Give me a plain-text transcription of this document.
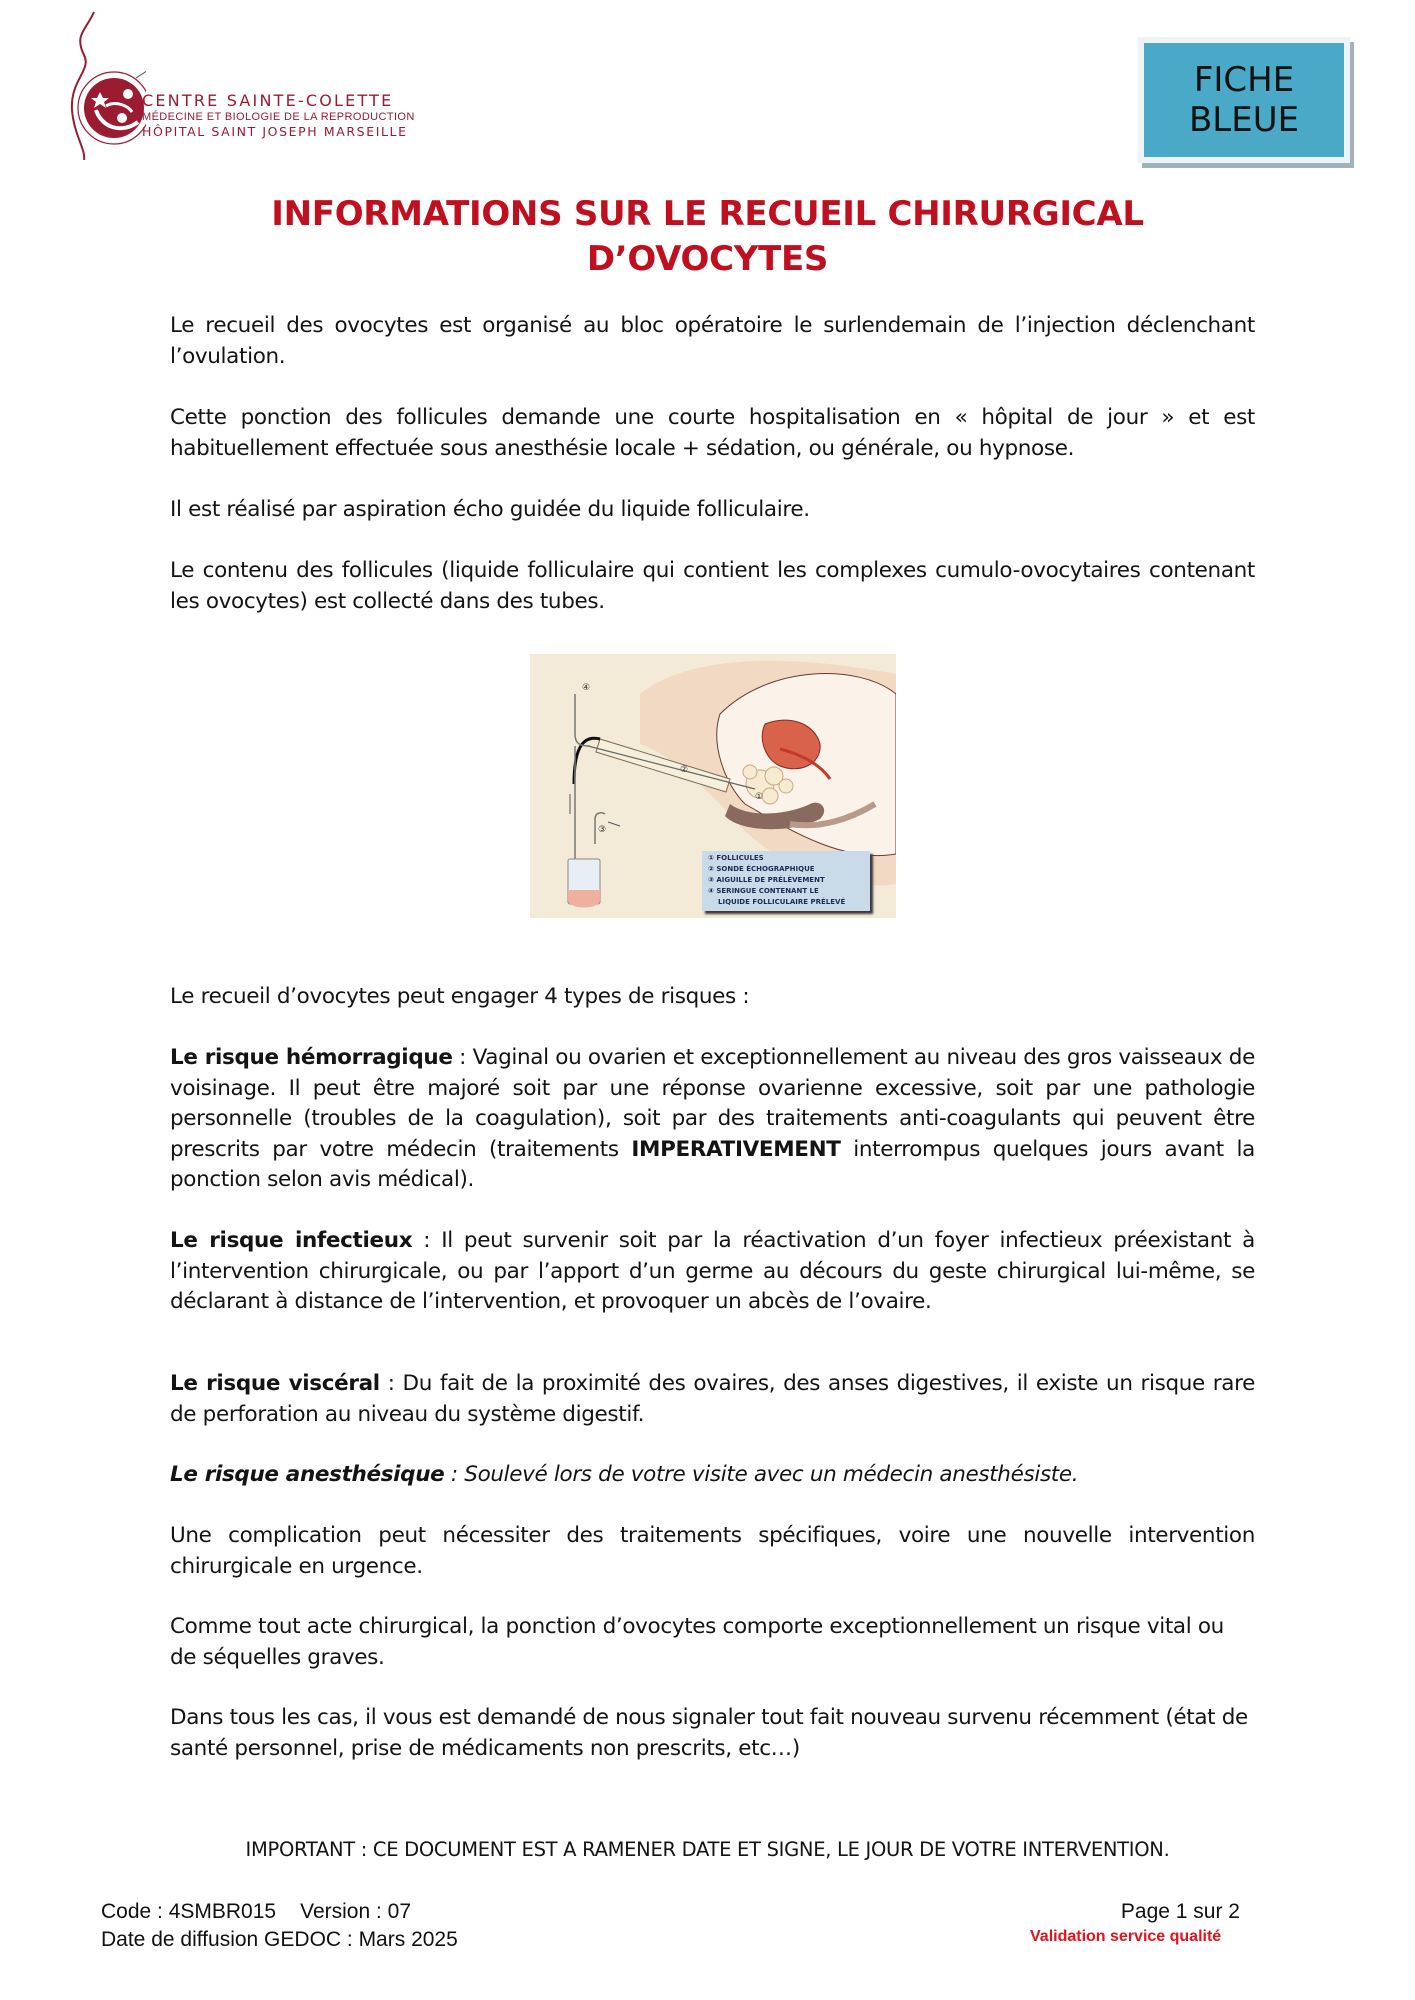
CENTRE SAINTE-COLETTE
MÉDECINE ET BIOLOGIE DE LA REPRODUCTION
HÔPITAL SAINT JOSEPH MARSEILLE
FICHE
BLEUE
INFORMATIONS SUR LE RECUEIL CHIRURGICAL
D’OVOCYTES

Le recueil des ovocytes est organisé au bloc opératoire le surlendemain de l’injection déclenchant l’ovulation.

Cette ponction des follicules demande une courte hospitalisation en « hôpital de jour » et est habituellement effectuée sous anesthésie locale + sédation, ou générale, ou hypnose.

Il est réalisé par aspiration écho guidée du liquide folliculaire.

Le contenu des follicules (liquide folliculaire qui contient les complexes cumulo-ovocytaires contenant les ovocytes) est collecté dans des tubes.

④
②
①
③
① FOLLICULES
② SONDE ÉCHOGRAPHIQUE
③ AIGUILLE DE PRÉLÈVEMENT
④ SERINGUE CONTENANT LE
LIQUIDE FOLLICULAIRE PRÉLEVÉ

Le recueil d’ovocytes peut engager 4 types de risques :

Le risque hémorragique : Vaginal ou ovarien et exceptionnellement au niveau des gros vaisseaux de voisinage. Il peut être majoré soit par une réponse ovarienne excessive, soit par une pathologie personnelle (troubles de la coagulation), soit par des traitements anti-coagulants qui peuvent être prescrits par votre médecin (traitements IMPERATIVEMENT interrompus quelques jours avant la ponction selon avis médical).

Le risque infectieux : Il peut survenir soit par la réactivation d’un foyer infectieux préexistant à l’intervention chirurgicale, ou par l’apport d’un germe au décours du geste chirurgical lui-même, se déclarant à distance de l’intervention, et provoquer un abcès de l’ovaire.

Le risque viscéral : Du fait de la proximité des ovaires, des anses digestives, il existe un risque rare de perforation au niveau du système digestif.

Le risque anesthésique : Soulevé lors de votre visite avec un médecin anesthésiste.

Une complication peut nécessiter des traitements spécifiques, voire une nouvelle intervention chirurgicale en urgence.

Comme tout acte chirurgical, la ponction d’ovocytes comporte exceptionnellement un risque vital ou de séquelles graves.

Dans tous les cas, il vous est demandé de nous signaler tout fait nouveau survenu récemment (état de santé personnel, prise de médicaments non prescrits, etc…)

IMPORTANT : CE DOCUMENT EST A RAMENER DATE ET SIGNE, LE JOUR DE VOTRE INTERVENTION.
Code : 4SMBR015 Version : 07
Date de diffusion GEDOC : Mars 2025
Page 1 sur 2
Validation service qualité
